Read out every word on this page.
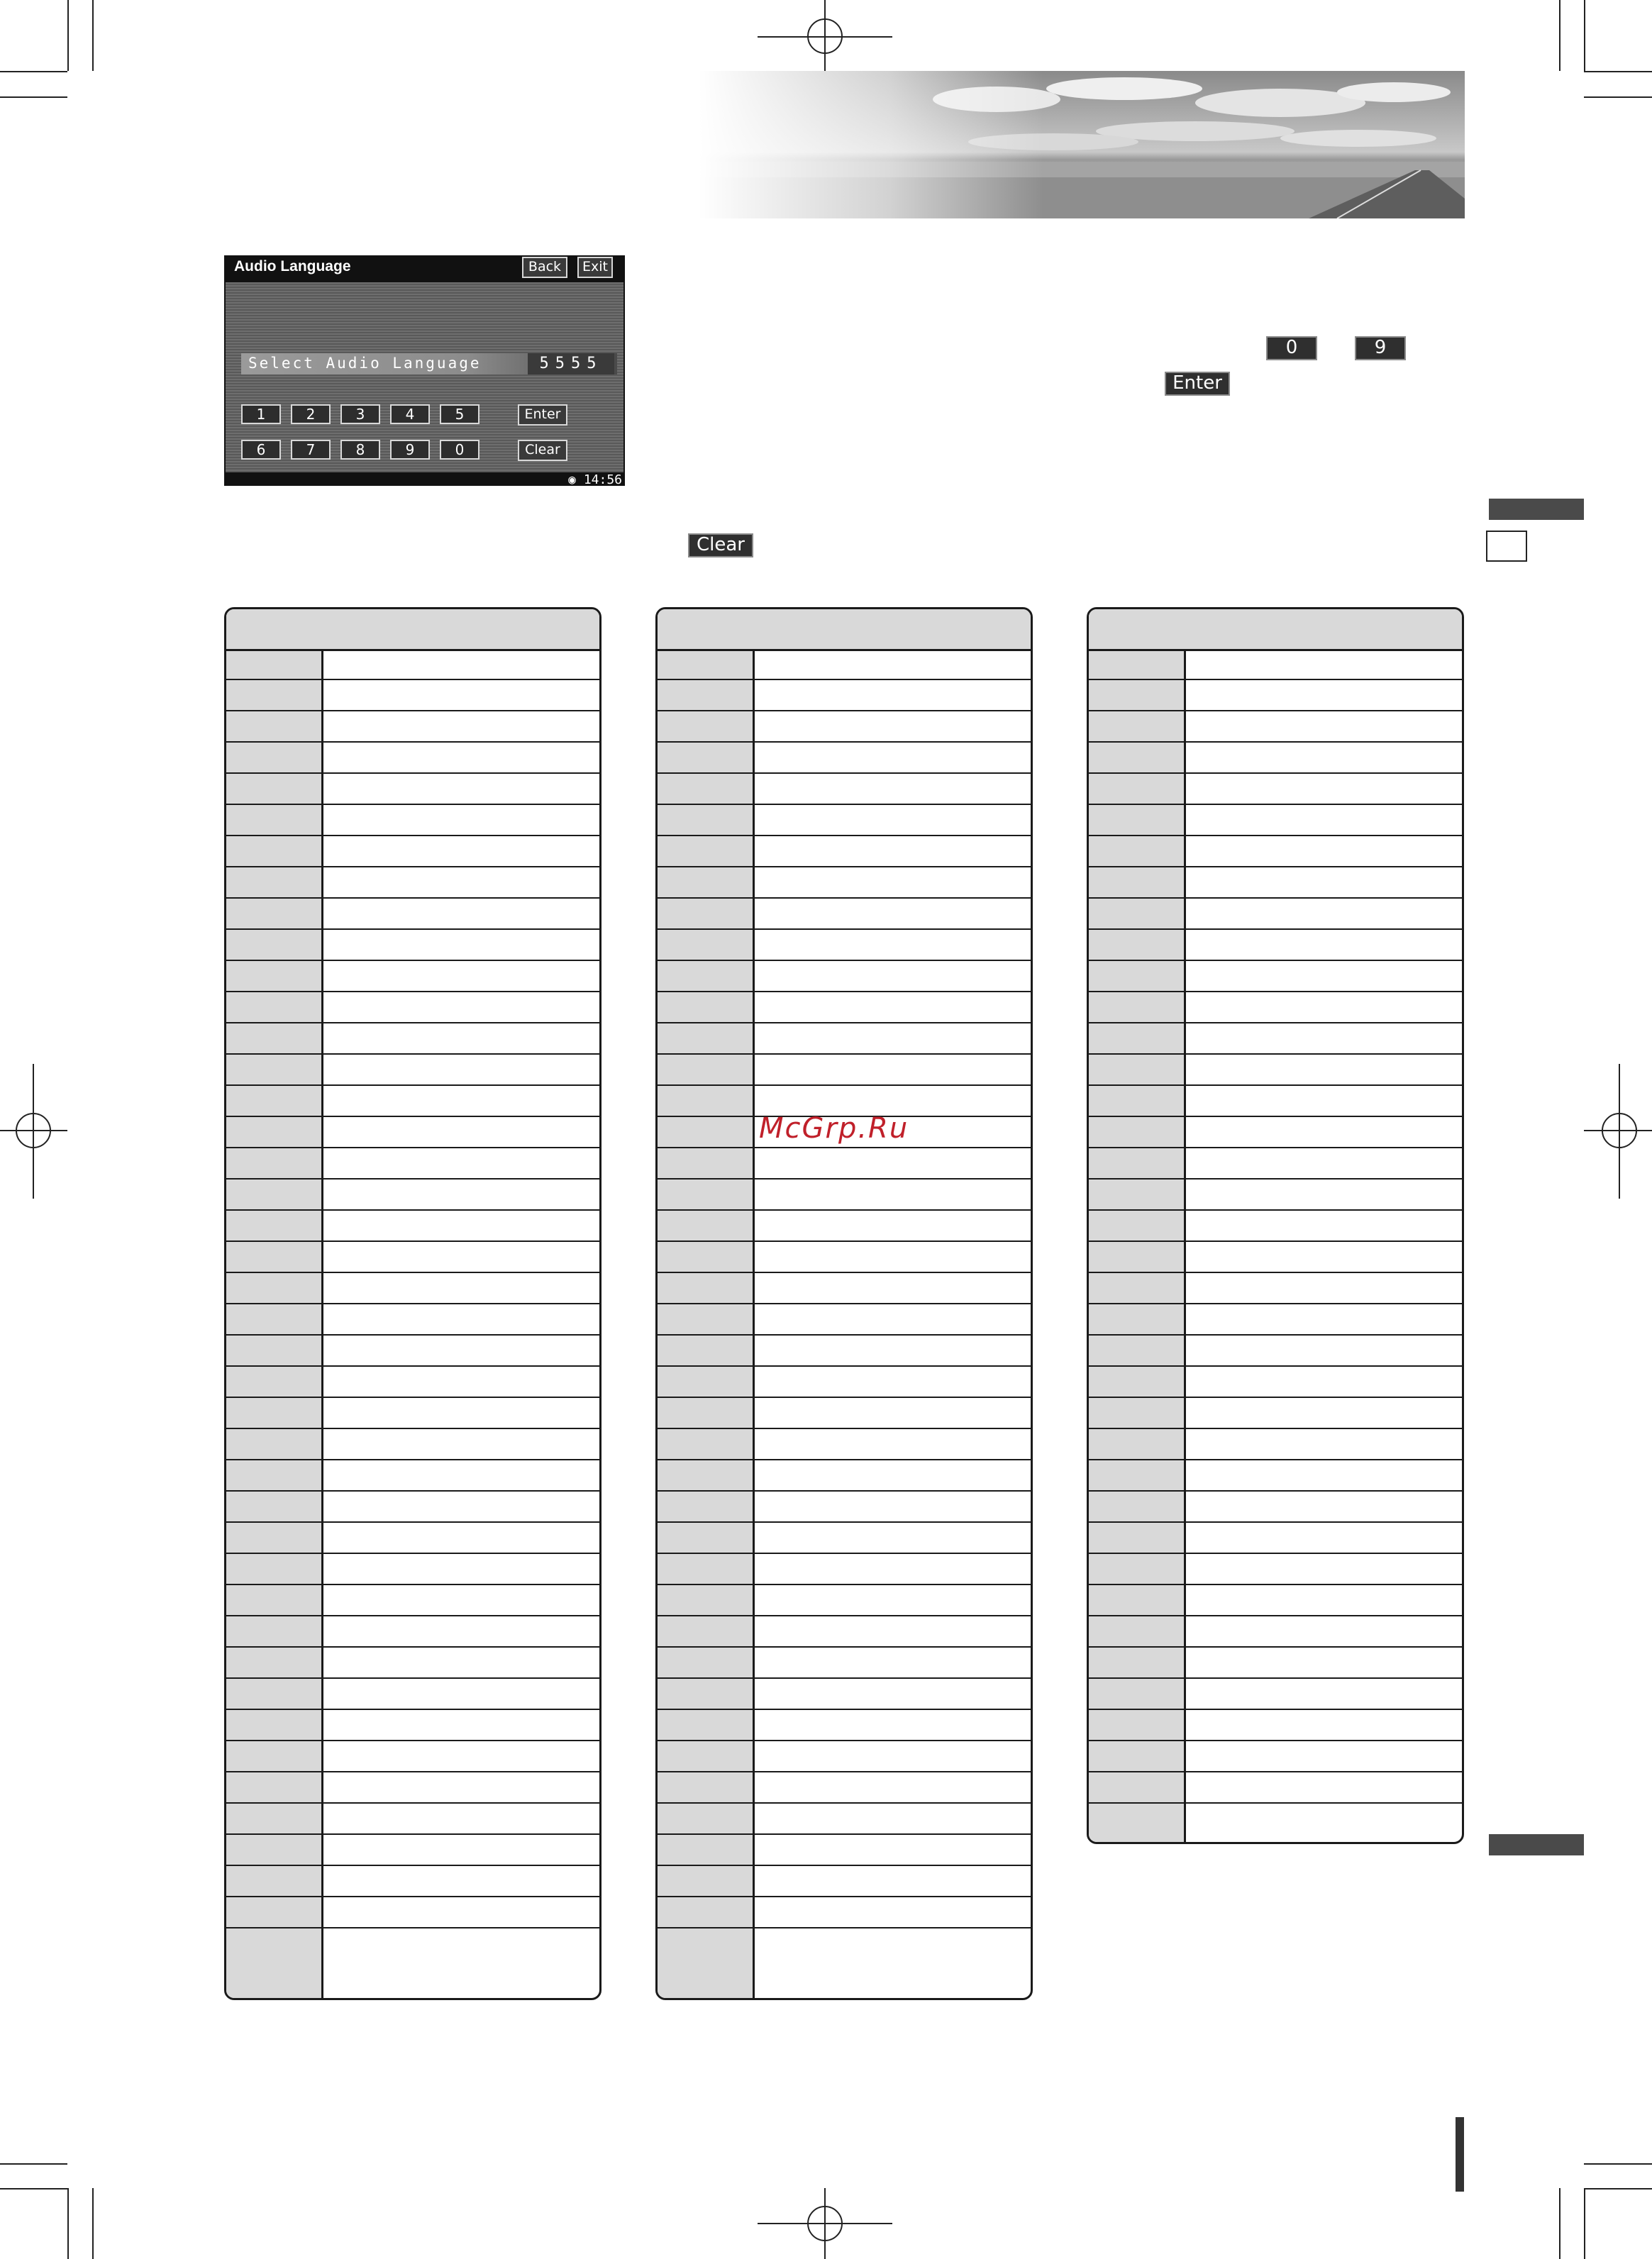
Audio Language	Back	Exit
Select Audio Language	5555
1	2	3	4	5	Enter
6	7	8	9	0	Clear
◉ 14:56
0	9
Enter
Clear
McGrp.Ru
